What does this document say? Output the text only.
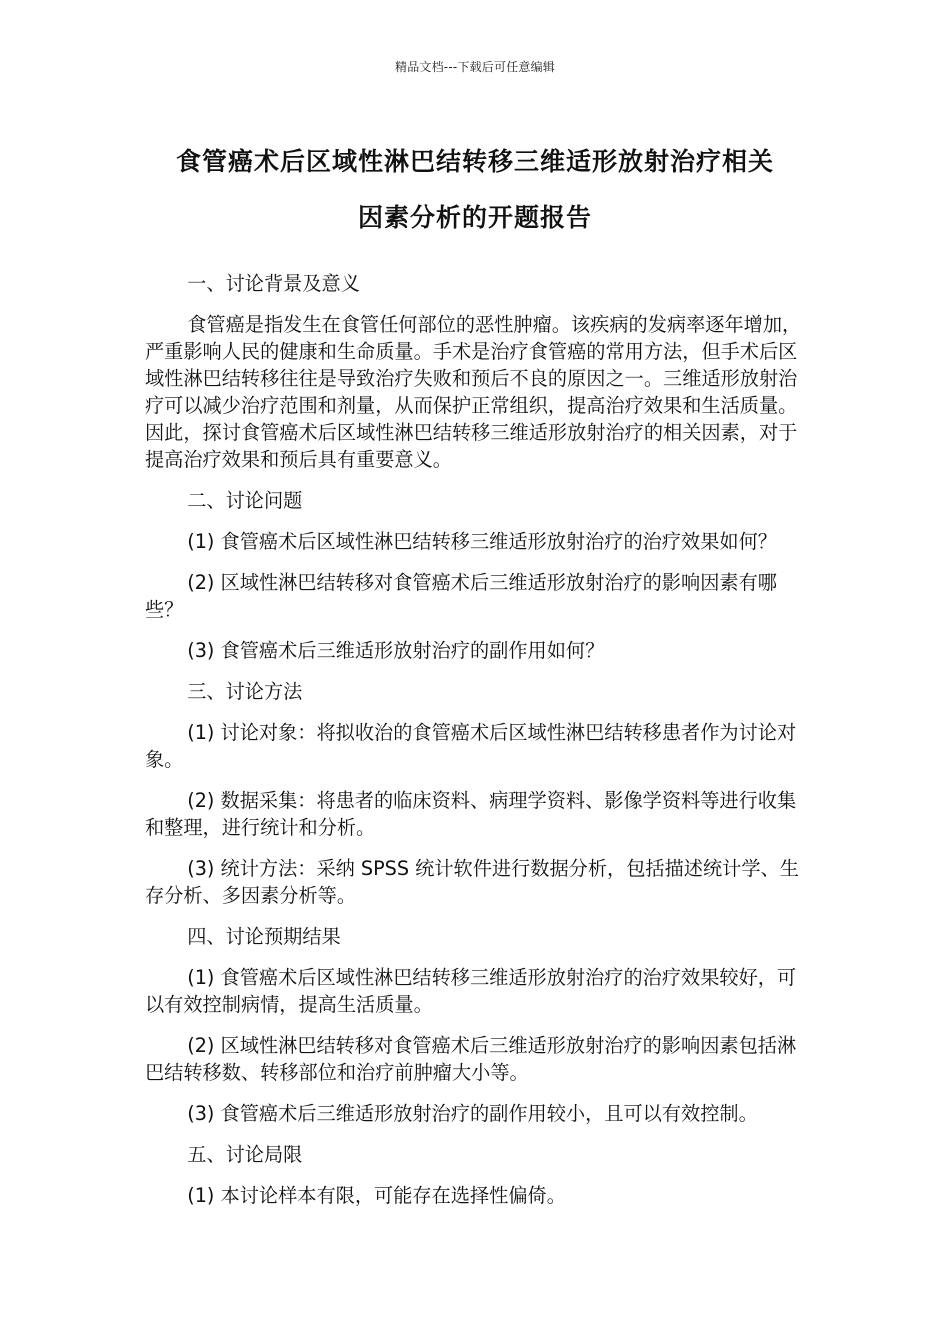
精品文档---下载后可任意编辑
食管癌术后区域性淋巴结转移三维适形放射治疗相关
因素分析的开题报告

一、讨论背景及意义

食管癌是指发生在食管任何部位的恶性肿瘤。该疾病的发病率逐年增加，严重影响人民的健康和生命质量。手术是治疗食管癌的常用方法，但手术后区域性淋巴结转移往往是导致治疗失败和预后不良的原因之一。三维适形放射治疗可以减少治疗范围和剂量，从而保护正常组织，提高治疗效果和生活质量。因此，探讨食管癌术后区域性淋巴结转移三维适形放射治疗的相关因素，对于提高治疗效果和预后具有重要意义。

二、讨论问题

(1) 食管癌术后区域性淋巴结转移三维适形放射治疗的治疗效果如何？

(2) 区域性淋巴结转移对食管癌术后三维适形放射治疗的影响因素有哪些？

(3) 食管癌术后三维适形放射治疗的副作用如何？

三、讨论方法

(1) 讨论对象：将拟收治的食管癌术后区域性淋巴结转移患者作为讨论对象。

(2) 数据采集：将患者的临床资料、病理学资料、影像学资料等进行收集和整理，进行统计和分析。

(3) 统计方法：采纳 SPSS 统计软件进行数据分析，包括描述统计学、生存分析、多因素分析等。

四、讨论预期结果

(1) 食管癌术后区域性淋巴结转移三维适形放射治疗的治疗效果较好，可以有效控制病情，提高生活质量。

(2) 区域性淋巴结转移对食管癌术后三维适形放射治疗的影响因素包括淋巴结转移数、转移部位和治疗前肿瘤大小等。

(3) 食管癌术后三维适形放射治疗的副作用较小，且可以有效控制。

五、讨论局限

(1) 本讨论样本有限，可能存在选择性偏倚。
